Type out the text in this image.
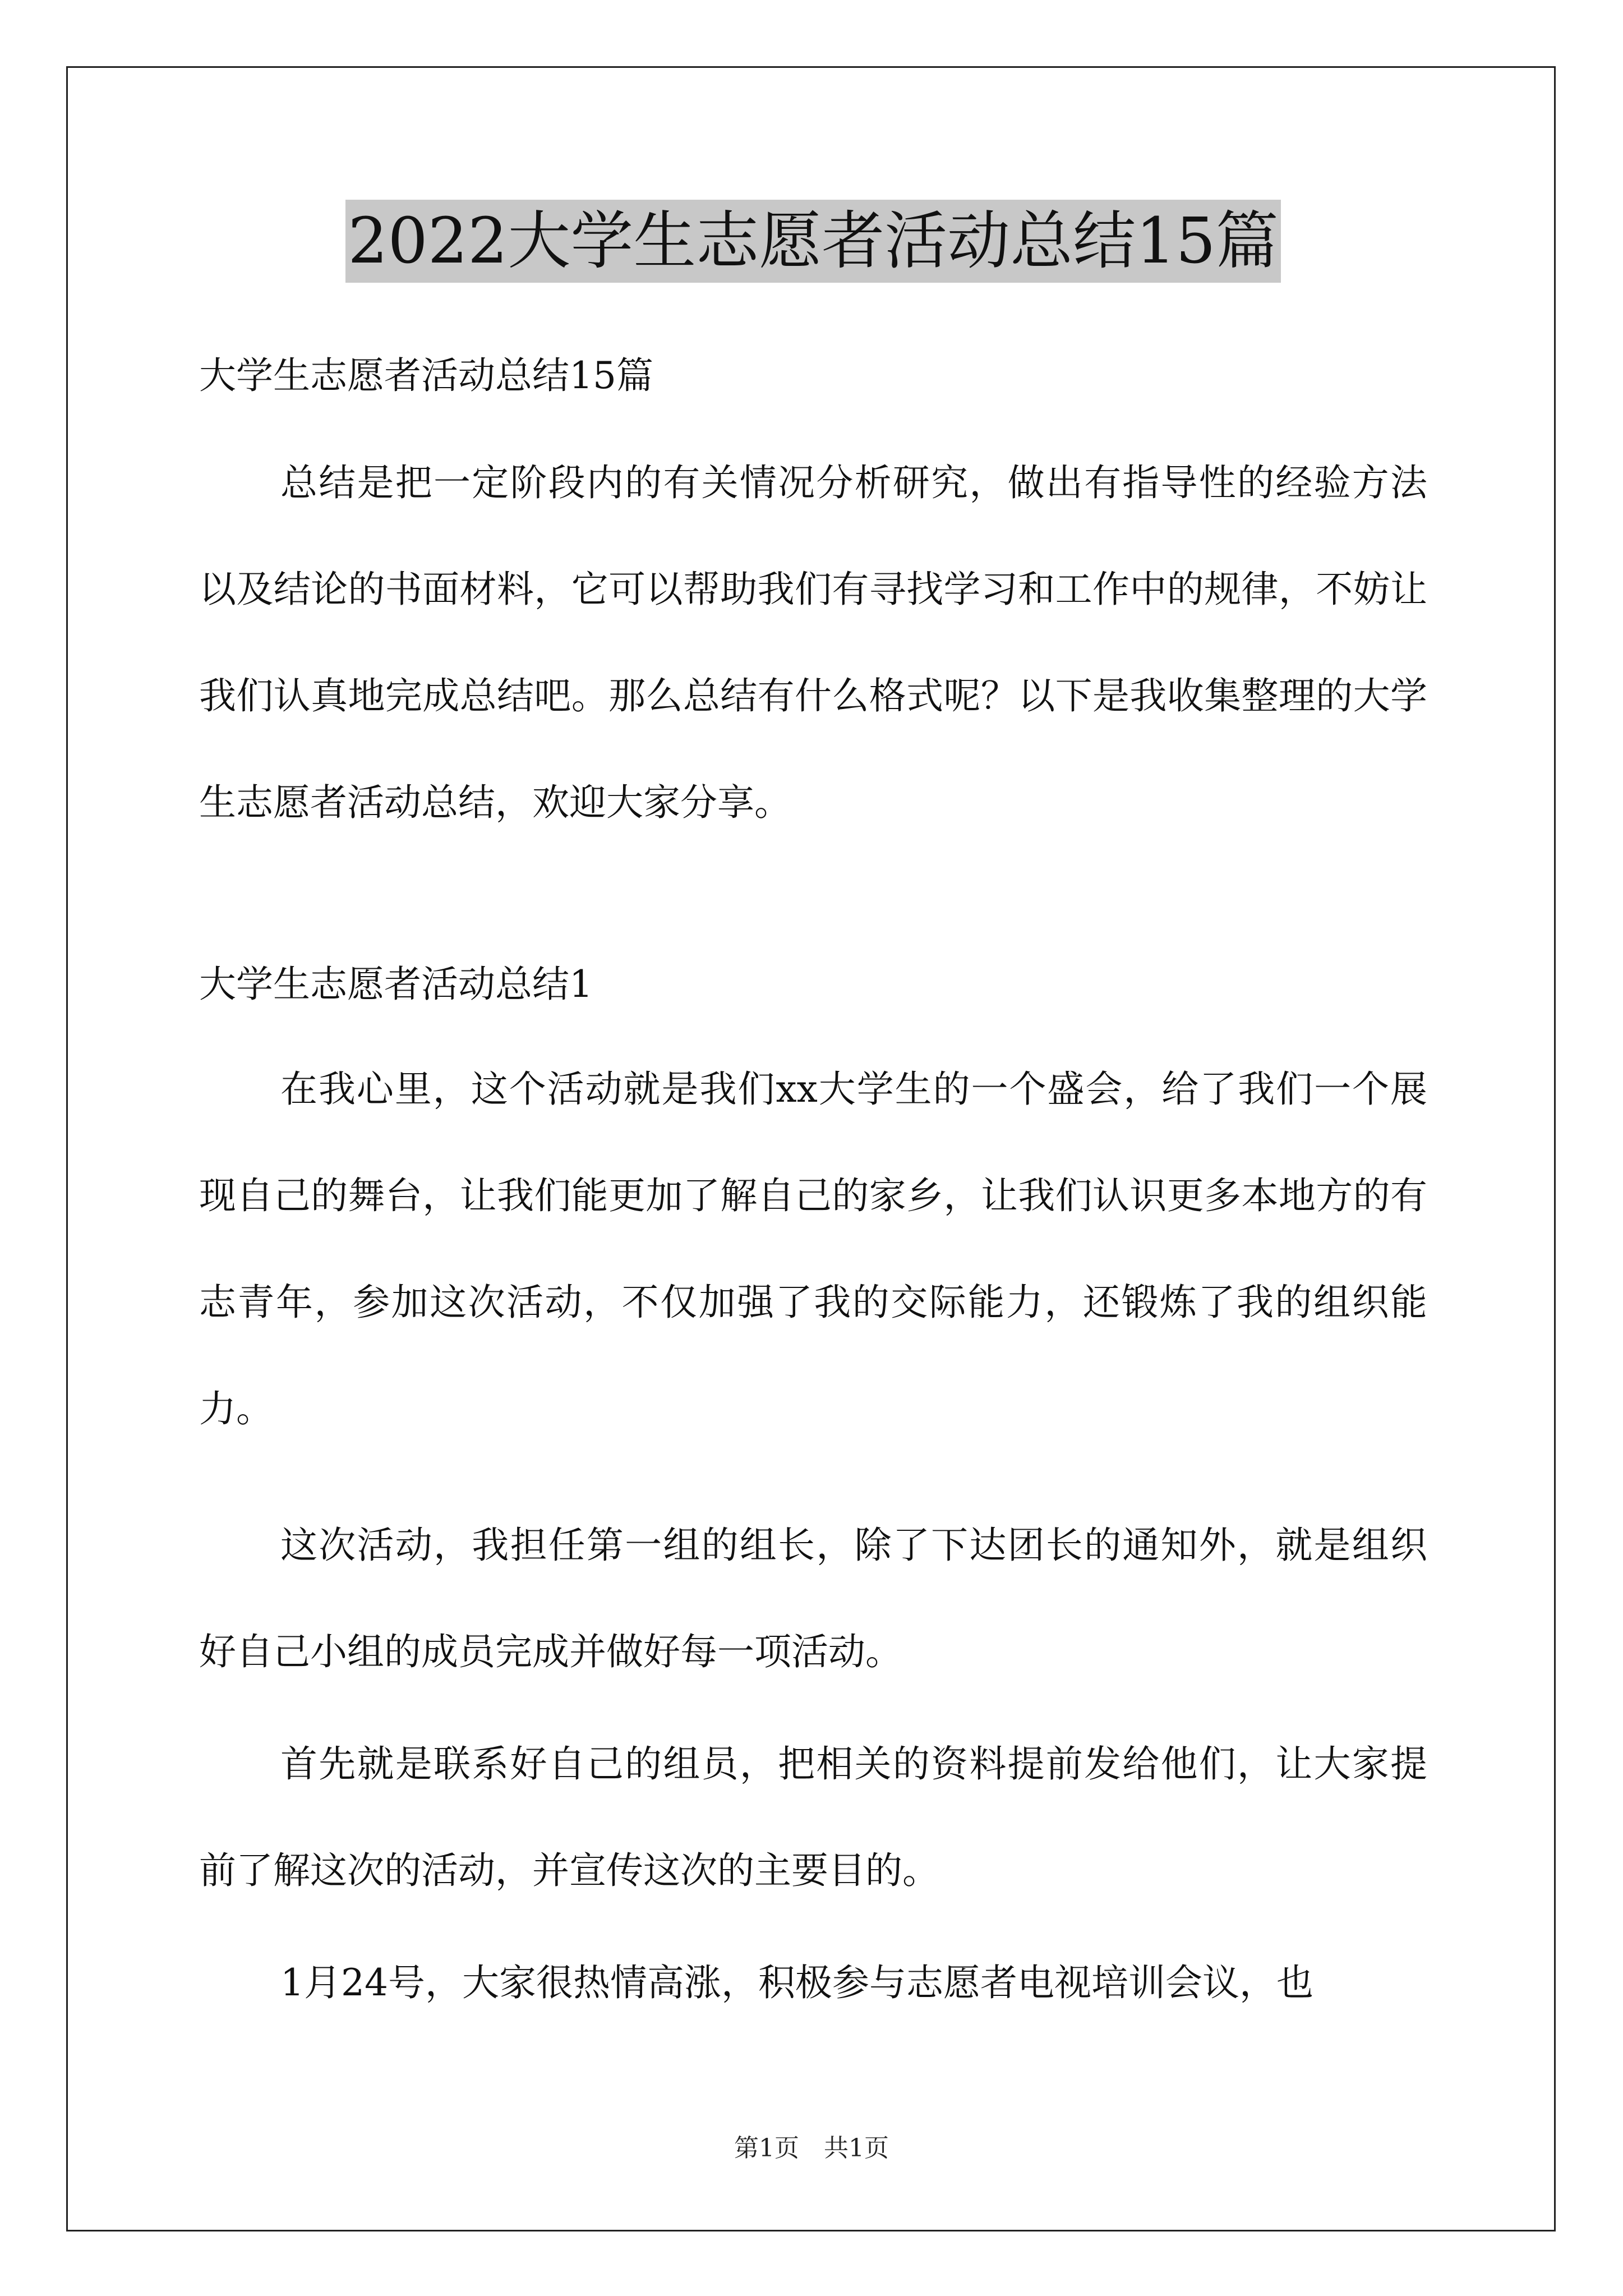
2022大学生志愿者活动总结15篇
大学生志愿者活动总结15篇

总结是把一定阶段内的有关情况分析研究，做出有指导性的经验方法以及结论的书面材料，它可以帮助我们有寻找学习和工作中的规律，不妨让我们认真地完成总结吧。那么总结有什么格式呢？以下是我收集整理的大学生志愿者活动总结，欢迎大家分享。

大学生志愿者活动总结1

在我心里，这个活动就是我们xx大学生的一个盛会，给了我们一个展现自己的舞台，让我们能更加了解自己的家乡，让我们认识更多本地方的有志青年，参加这次活动，不仅加强了我的交际能力，还锻炼了我的组织能力。

这次活动，我担任第一组的组长，除了下达团长的通知外，就是组织好自己小组的成员完成并做好每一项活动。

首先就是联系好自己的组员，把相关的资料提前发给他们，让大家提前了解这次的活动，并宣传这次的主要目的。

1月24号，大家很热情高涨，积极参与志愿者电视培训会议，也

第1页　共1页
